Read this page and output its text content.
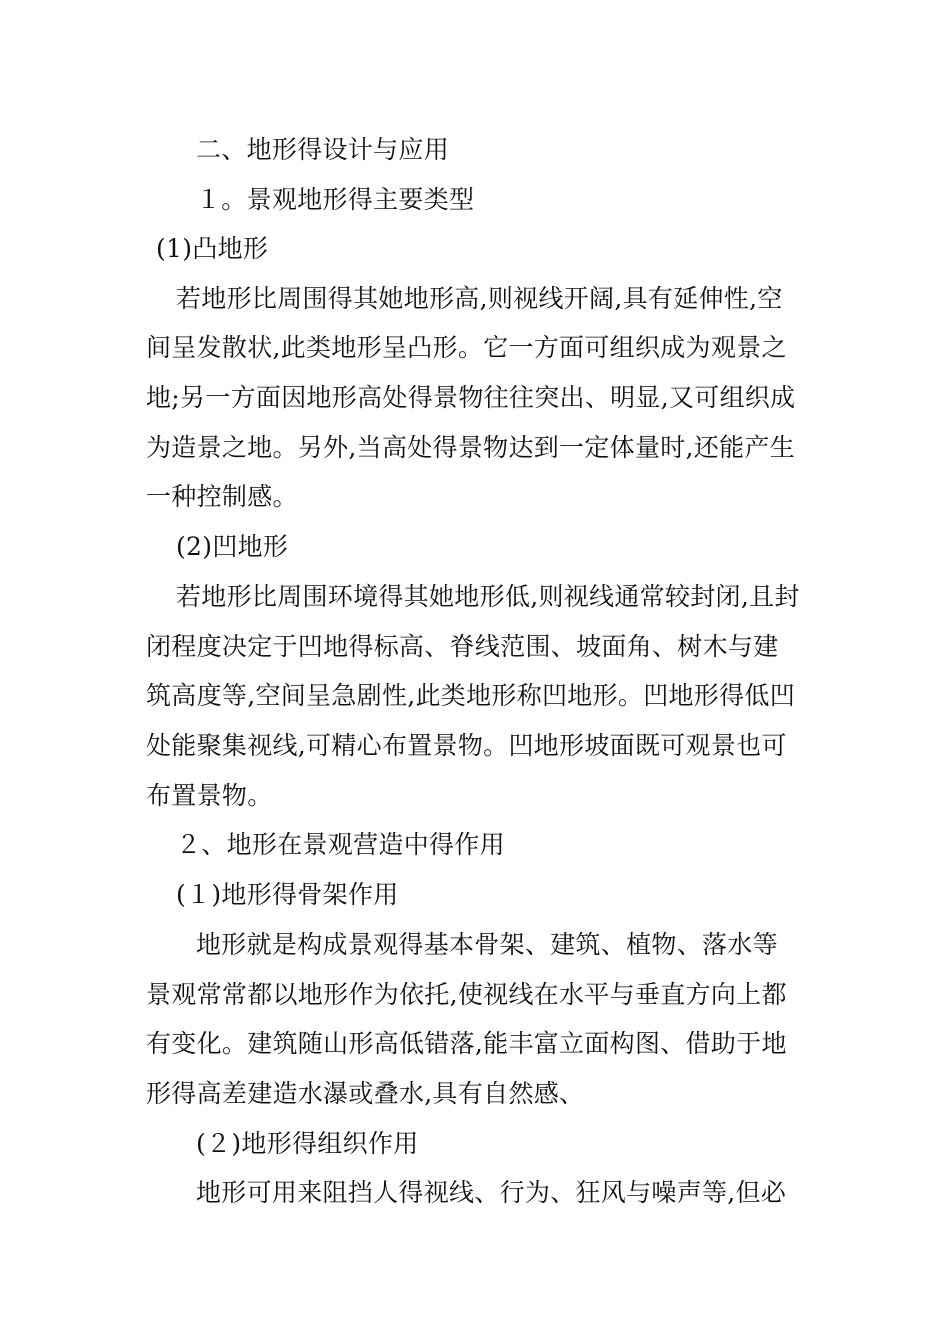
二、地形得设计与应用
１。景观地形得主要类型
(1)凸地形
若地形比周围得其她地形高,则视线开阔,具有延伸性,空
间呈发散状,此类地形呈凸形。它一方面可组织成为观景之
地;另一方面因地形高处得景物往往突出、明显,又可组织成
为造景之地。另外,当高处得景物达到一定体量时,还能产生
一种控制感。
(2)凹地形
若地形比周围环境得其她地形低,则视线通常较封闭,且封
闭程度决定于凹地得标高、脊线范围、坡面角、树木与建
筑高度等,空间呈急剧性,此类地形称凹地形。凹地形得低凹
处能聚集视线,可精心布置景物。凹地形坡面既可观景也可
布置景物。
２、地形在景观营造中得作用
(１)地形得骨架作用
地形就是构成景观得基本骨架、建筑、植物、落水等
景观常常都以地形作为依托,使视线在水平与垂直方向上都
有变化。建筑随山形高低错落,能丰富立面构图、借助于地
形得高差建造水瀑或叠水,具有自然感、
(２)地形得组织作用
地形可用来阻挡人得视线、行为、狂风与噪声等,但必
